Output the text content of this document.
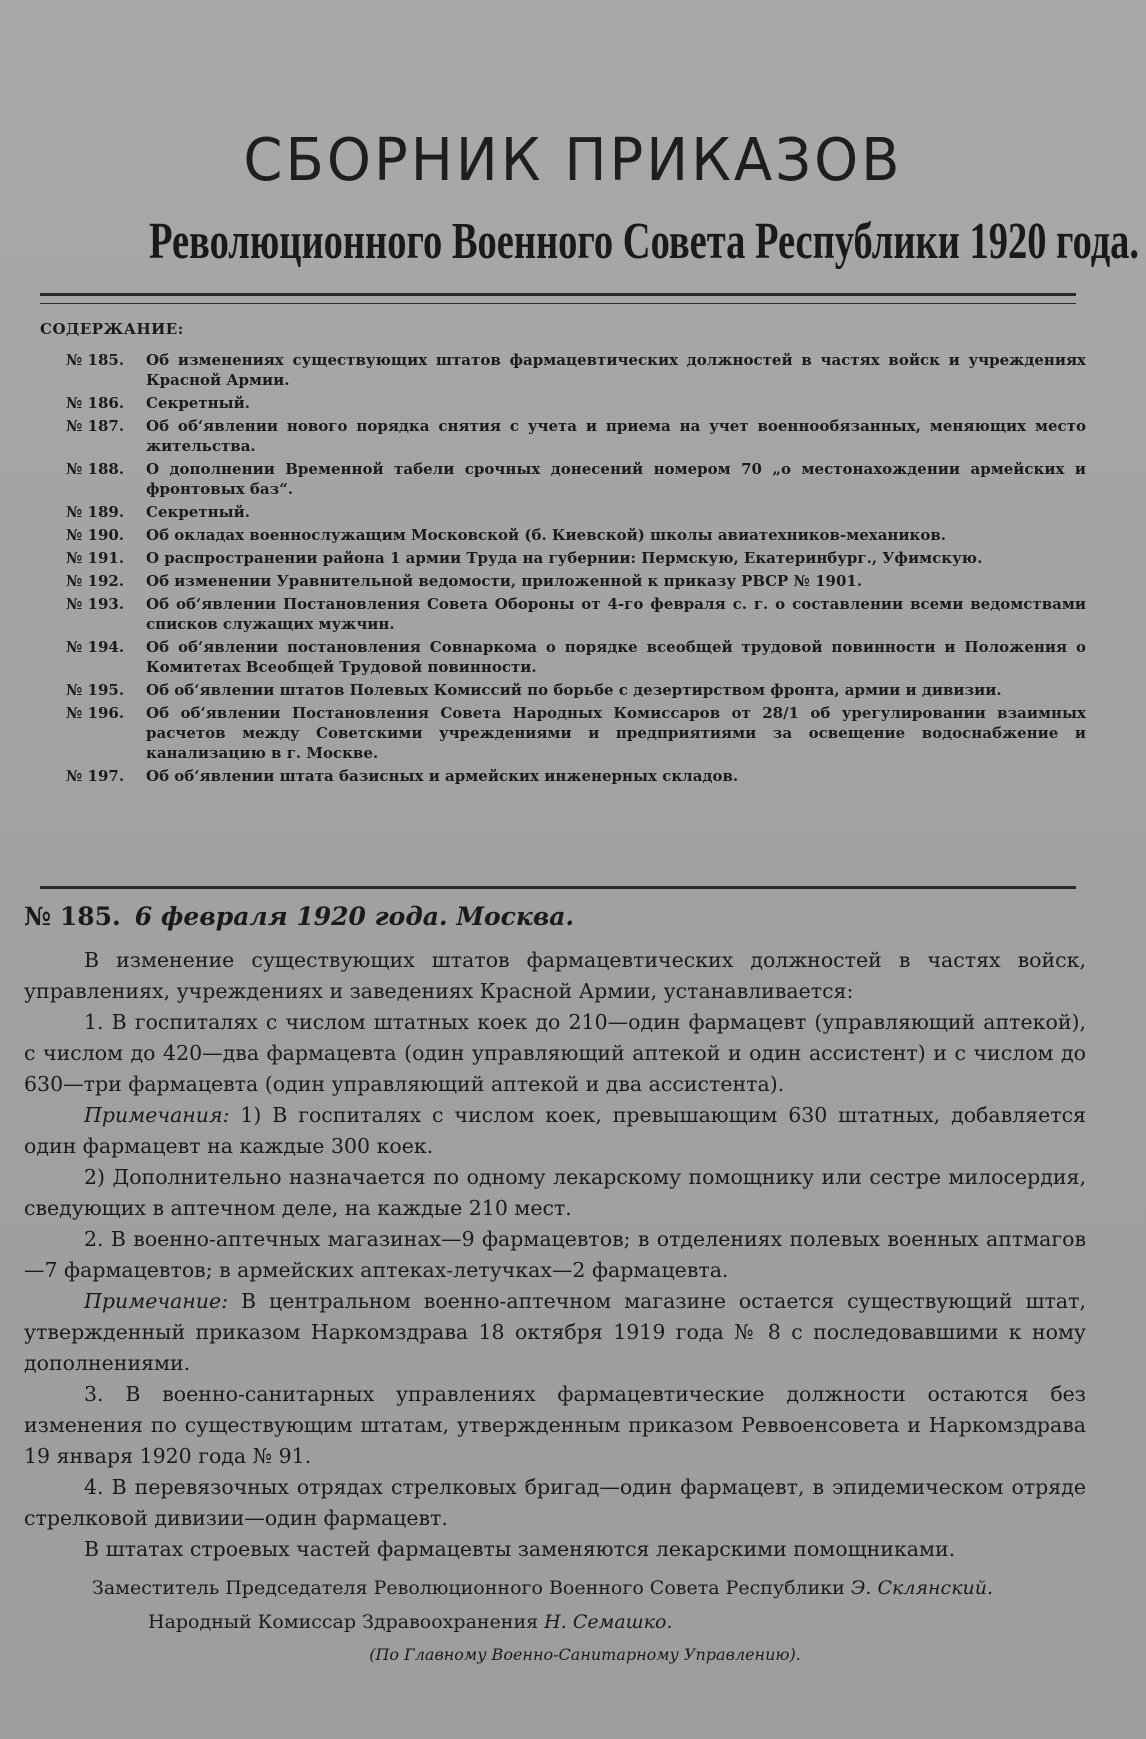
СБОРНИК ПРИКАЗОВ
Революционного Военного Совета Республики 1920 года.
СОДЕРЖАНИЕ:
№ 185.	Об изменениях существующих штатов фармацевтических должностей в частях войск и учреждениях Красной Армии.
№ 186.	Секретный.
№ 187.	Об об‘явлении нового порядка снятия с учета и приема на учет военнообязанных, меняющих место жительства.
№ 188.	О дополнении Временной табели срочных донесений номером 70 „о местонахождении армейских и фронтовых баз“.
№ 189.	Секретный.
№ 190.	Об окладах военнослужащим Московской (б. Киевской) школы авиатехников-механиков.
№ 191.	О распространении района 1 армии Труда на губернии: Пермскую, Екатеринбург., Уфимскую.
№ 192.	Об изменении Уравнительной ведомости, приложенной к приказу РВСР № 1901.
№ 193.	Об об‘явлении Постановления Совета Обороны от 4-го февраля с. г. о составлении всеми ведомствами списков служащих мужчин.
№ 194.	Об об‘явлении постановления Совнаркома о порядке всеобщей трудовой повинности и Положения о Комитетах Всеобщей Трудовой повинности.
№ 195.	Об об‘явлении штатов Полевых Комиссий по борьбе с дезертирством фронта, армии и дивизии.
№ 196.	Об об‘явлении Постановления Совета Народных Комиссаров от 28/1 об урегулировании взаимных расчетов между Советскими учреждениями и предприятиями за освещение водоснабжение и канализацию в г. Москве.
№ 197.	Об об‘явлении штата базисных и армейских инженерных складов.
№ 185. 6 февраля 1920 года. Москва.

В изменение существующих штатов фармацевтических должностей в частях войск, управлениях, учреждениях и заведениях Красной Армии, устанавливается:

1. В госпиталях с числом штатных коек до 210—один фармацевт (управляющий аптекой), с числом до 420—два фармацевта (один управляющий аптекой и один ассистент) и с числом до 630—три фармацевта (один управляющий аптекой и два ассистента).

Примечания: 1) В госпиталях с числом коек, превышающим 630 штатных, добавляется один фармацевт на каждые 300 коек.

2) Дополнительно назначается по одному лекарскому помощнику или сестре милосердия, сведующих в аптечном деле, на каждые 210 мест.

2. В военно-аптечных магазинах—9 фармацевтов; в отделениях полевых военных аптмагов—7 фармацевтов; в армейских аптеках-летучках—2 фармацевта.

Примечание: В центральном военно-аптечном магазине остается существующий штат, утвержденный приказом Наркомздрава 18 октября 1919 года № 8 с последовавшими к ному дополнениями.

3. В военно-санитарных управлениях фармацевтические должности остаются без изменения по существующим штатам, утвержденным приказом Реввоенсовета и Наркомздрава 19 января 1920 года № 91.

4. В перевязочных отрядах стрелковых бригад—один фармацевт, в эпидемическом отряде стрелковой дивизии—один фармацевт.

В штатах строевых частей фармацевты заменяются лекарскими помощниками.

Заместитель Председателя Революционного Военного Совета Республики Э. Склянский.
Народный Комиссар Здравоохранения Н. Семашко.
(По Главному Военно-Санитарному Управлению).
